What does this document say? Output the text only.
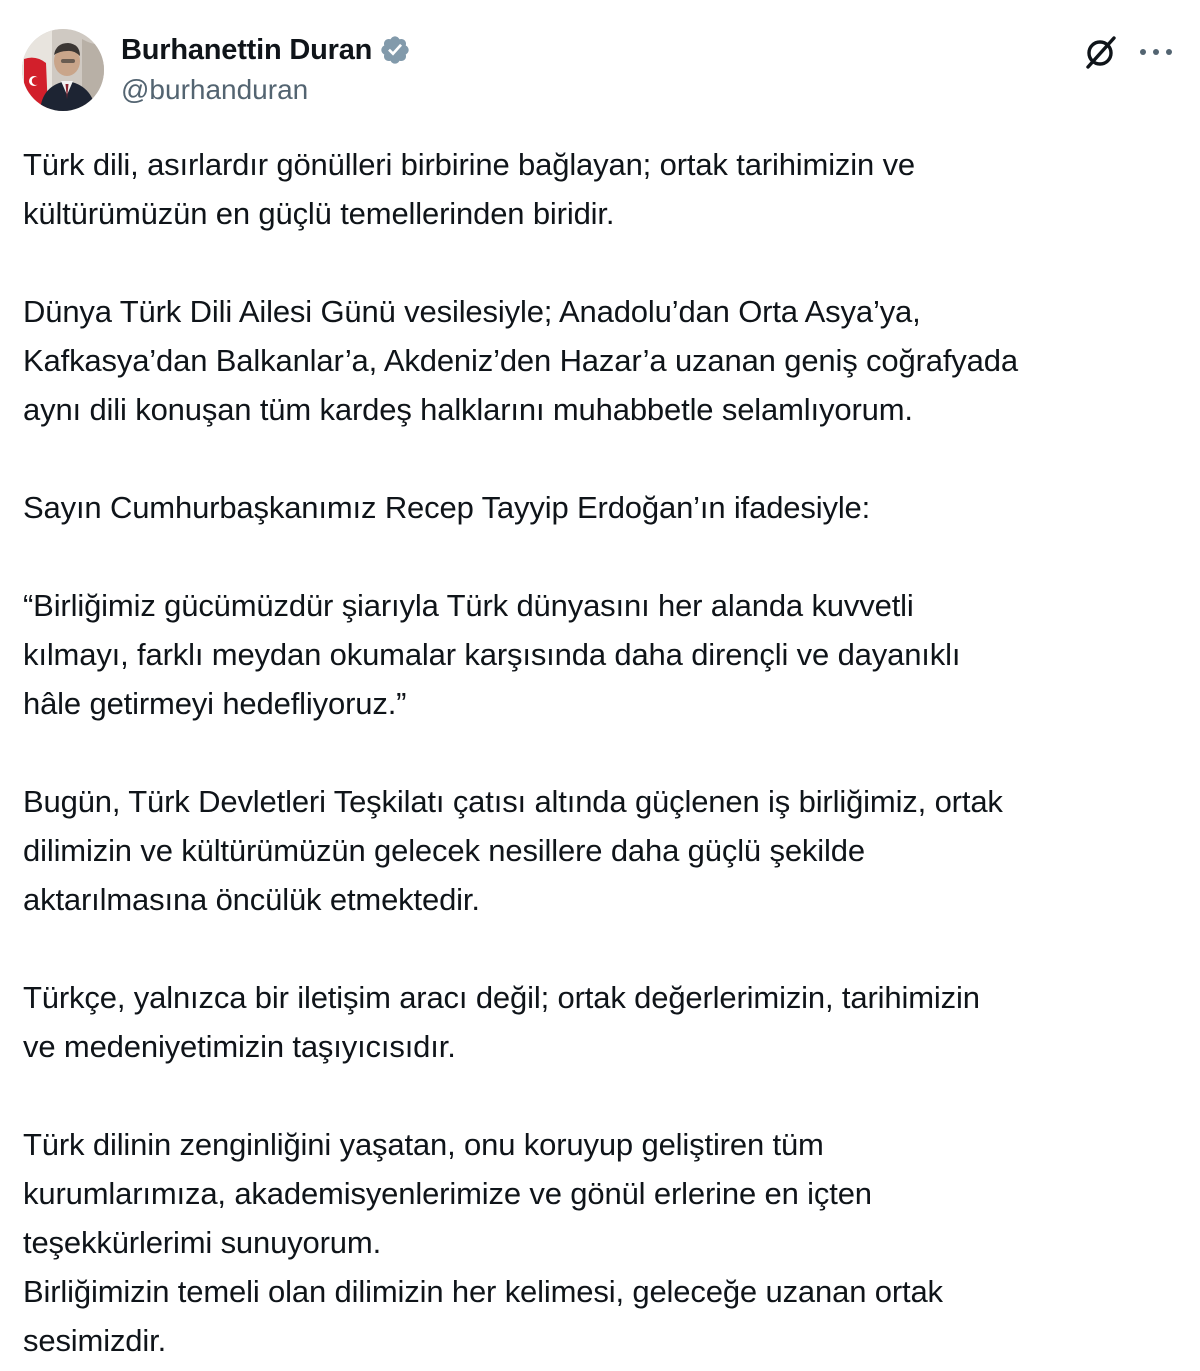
Burhanettin Duran
@burhanduran

Türk dili, asırlardır gönülleri birbirine bağlayan; ortak tarihimizin ve
kültürümüzün en güçlü temellerinden biridir.

Dünya Türk Dili Ailesi Günü vesilesiyle; Anadolu’dan Orta Asya’ya,
Kafkasya’dan Balkanlar’a, Akdeniz’den Hazar’a uzanan geniş coğrafyada
aynı dili konuşan tüm kardeş halklarını muhabbetle selamlıyorum.

Sayın Cumhurbaşkanımız Recep Tayyip Erdoğan’ın ifadesiyle:

“Birliğimiz gücümüzdür şiarıyla Türk dünyasını her alanda kuvvetli
kılmayı, farklı meydan okumalar karşısında daha dirençli ve dayanıklı
hâle getirmeyi hedefliyoruz.”

Bugün, Türk Devletleri Teşkilatı çatısı altında güçlenen iş birliğimiz, ortak
dilimizin ve kültürümüzün gelecek nesillere daha güçlü şekilde
aktarılmasına öncülük etmektedir.

Türkçe, yalnızca bir iletişim aracı değil; ortak değerlerimizin, tarihimizin
ve medeniyetimizin taşıyıcısıdır.

Türk dilinin zenginliğini yaşatan, onu koruyup geliştiren tüm
kurumlarımıza, akademisyenlerimize ve gönül erlerine en içten
teşekkürlerimi sunuyorum.
Birliğimizin temeli olan dilimizin her kelimesi, geleceğe uzanan ortak
sesimizdir.
